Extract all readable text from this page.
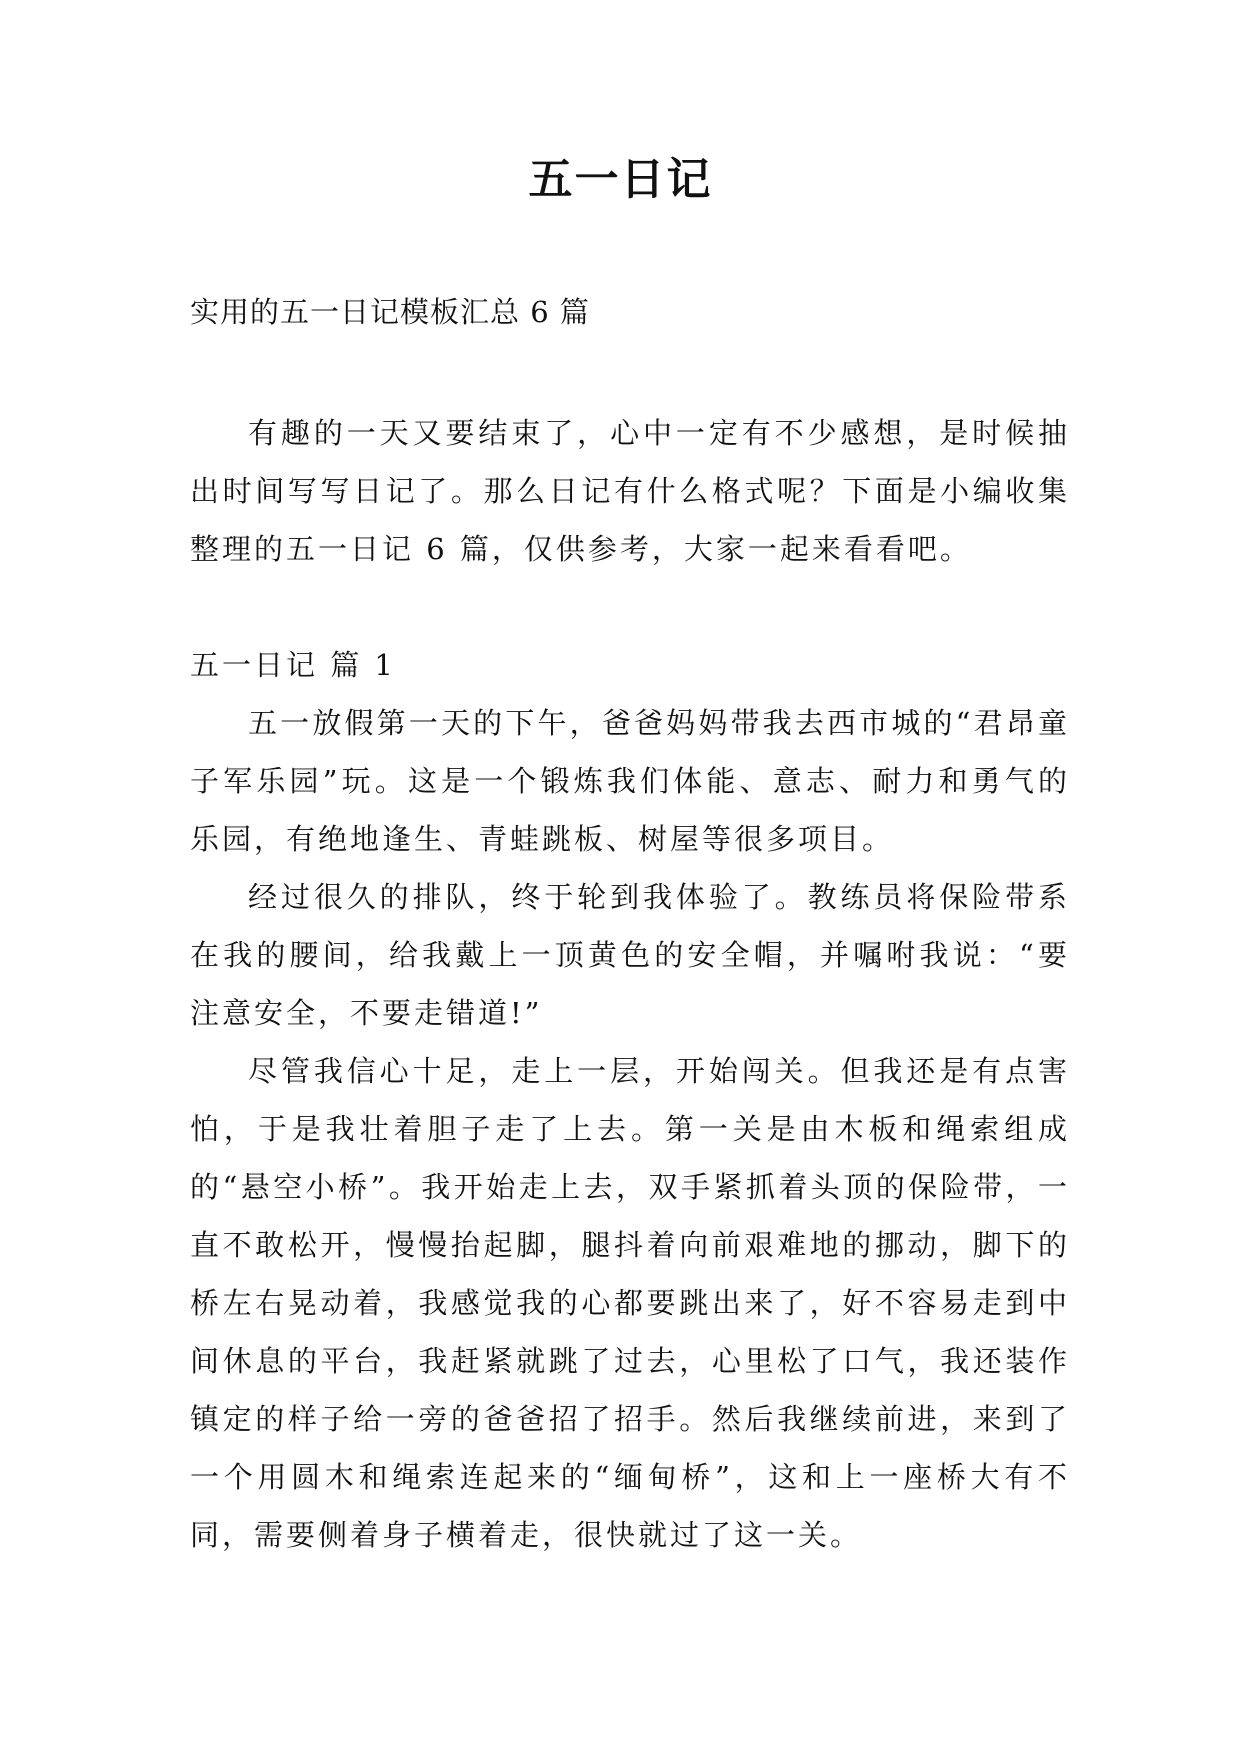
五一日记
实用的五一日记模板汇总 6 篇

有趣的一天又要结束了，心中一定有不少感想，是时候抽出时间写写日记了。那么日记有什么格式呢？下面是小编收集整理的五一日记 6 篇，仅供参考，大家一起来看看吧。

五一日记 篇 1

五一放假第一天的下午，爸爸妈妈带我去西市城的“君昂童子军乐园”玩。这是一个锻炼我们体能、意志、耐力和勇气的乐园，有绝地逢生、青蛙跳板、树屋等很多项目。

经过很久的排队，终于轮到我体验了。教练员将保险带系在我的腰间，给我戴上一顶黄色的安全帽，并嘱咐我说：“要注意安全，不要走错道!”

尽管我信心十足，走上一层，开始闯关。但我还是有点害怕，于是我壮着胆子走了上去。第一关是由木板和绳索组成的“悬空小桥”。我开始走上去，双手紧抓着头顶的保险带，一直不敢松开，慢慢抬起脚，腿抖着向前艰难地的挪动，脚下的桥左右晃动着，我感觉我的心都要跳出来了，好不容易走到中间休息的平台，我赶紧就跳了过去，心里松了口气，我还装作镇定的样子给一旁的爸爸招了招手。然后我继续前进，来到了一个用圆木和绳索连起来的“缅甸桥”，这和上一座桥大有不同，需要侧着身子横着走，很快就过了这一关。
